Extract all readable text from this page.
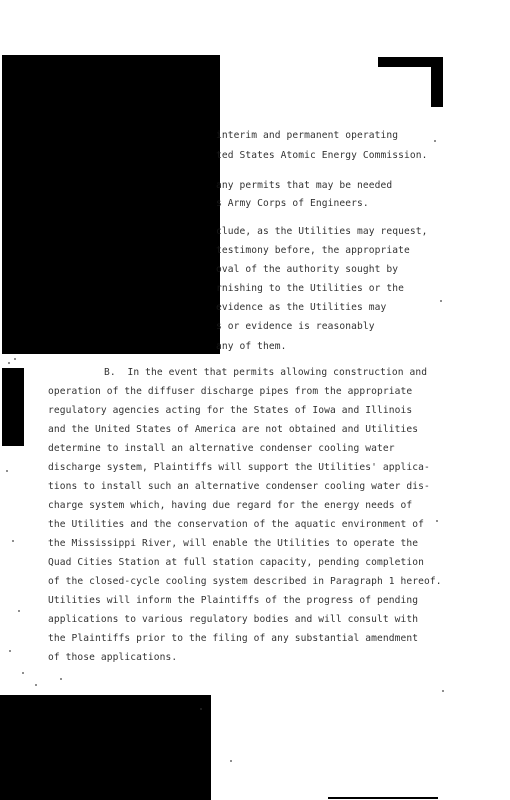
interim and permanent operating
ted States Atomic Energy Commission.
any permits that may be needed
s Army Corps of Engineers.
clude, as the Utilities may request,
testimony before, the appropriate
oval of the authority sought by
rnishing to the Utilities or the
evidence as the Utilities may
s or evidence is reasonably
any of them.
B.  In the event that permits allowing construction and
operation of the diffuser discharge pipes from the appropriate
regulatory agencies acting for the States of Iowa and Illinois
and the United States of America are not obtained and Utilities
determine to install an alternative condenser cooling water
discharge system, Plaintiffs will support the Utilities' applica-
tions to install such an alternative condenser cooling water dis-
charge system which, having due regard for the energy needs of
the Utilities and the conservation of the aquatic environment of
the Mississippi River, will enable the Utilities to operate the
Quad Cities Station at full station capacity, pending completion
of the closed-cycle cooling system described in Paragraph 1 hereof.
Utilities will inform the Plaintiffs of the progress of pending
applications to various regulatory bodies and will consult with
the Plaintiffs prior to the filing of any substantial amendment
of those applications.
